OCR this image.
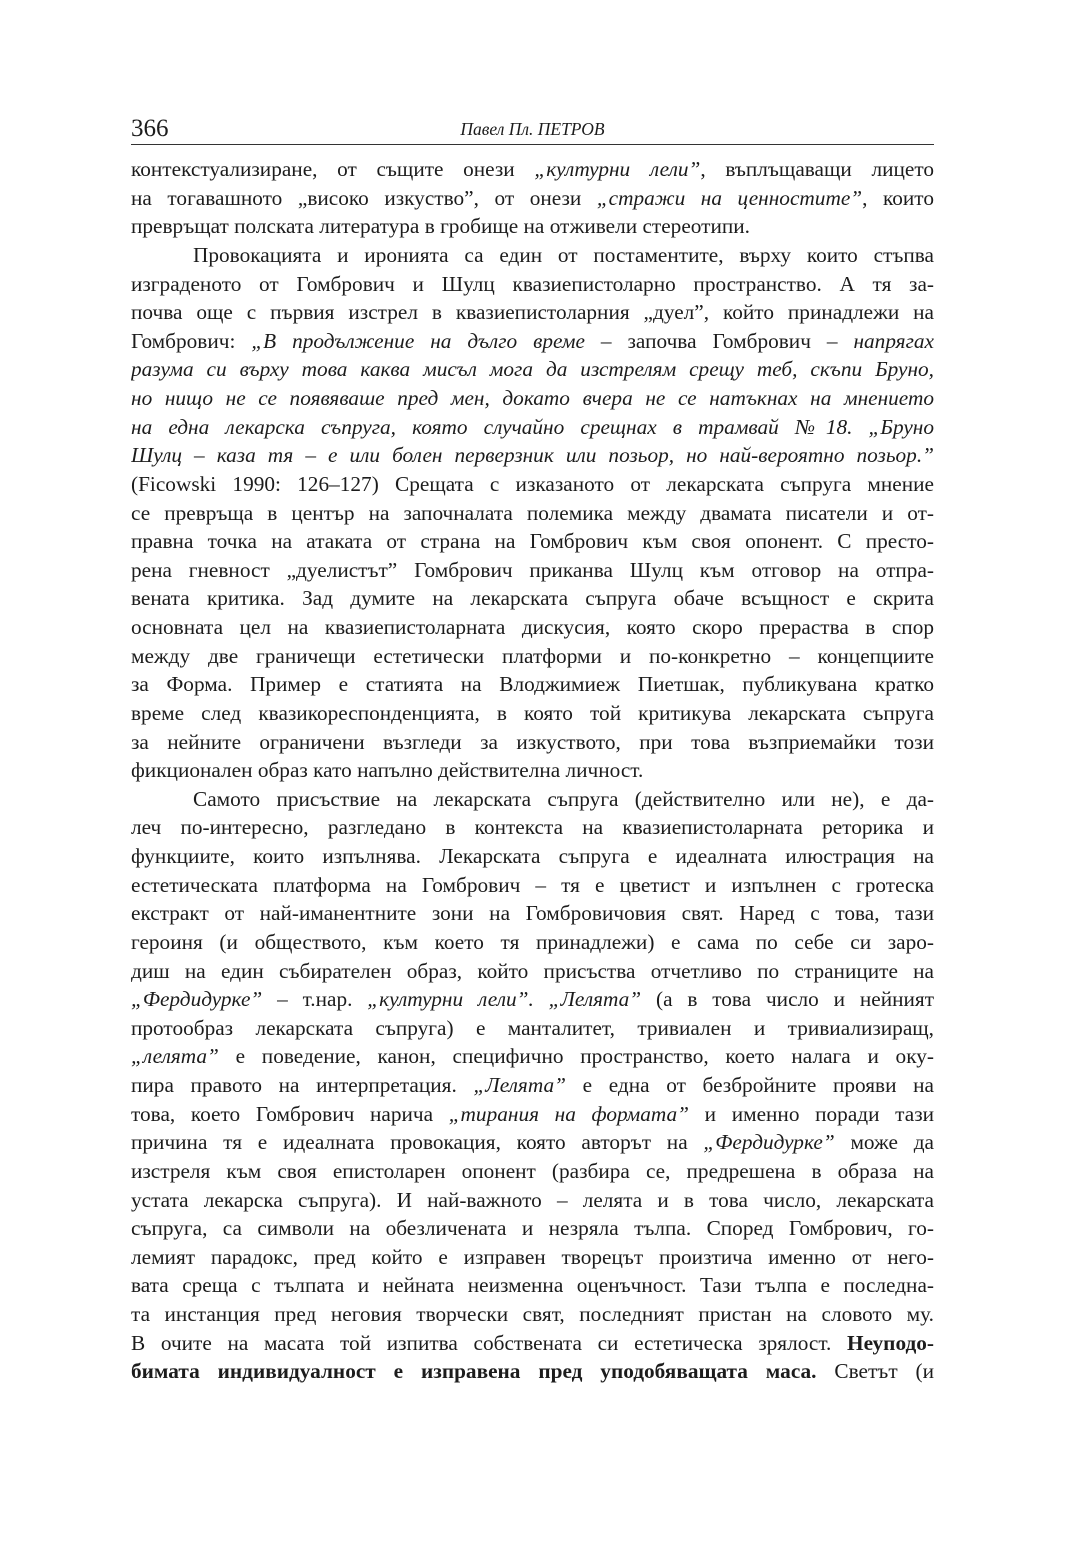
366	Павел Пл. ПЕТРОВ
контекстуализиране, от същите онези „културни лели”, въплъщаващи лицето
на тогавашното „високо изкуство”, от онези „стражи на ценностите”, които
превръщат полската литература в гробище на отживели стереотипи.
Провокацията и иронията са един от постаментите, върху които стъпва
изграденото от Гомбрович и Шулц квазиепистоларно пространство. А тя за-
почва още с първия изстрел в квазиепистоларния „дуел”, който принадлежи на
Гомбрович: „В продължение на дълго време – започва Гомбрович – напрягах
разума си върху това каква мисъл мога да изстрелям срещу теб, скъпи Бруно,
но нищо не се появяваше пред мен, докато вчера не се натъкнах на мнението
на една лекарска съпруга, която случайно срещнах в трамвай №18. „Бруно
Шулц – каза тя – е или болен перверзник или позьор, но най-вероятно позьор.”
(Ficowski 1990: 126–127) Срещата с изказаното от лекарската съпруга мнение
се превръща в център на започналата полемика между двамата писатели и от-
правна точка на атаката от страна на Гомбрович към своя опонент. С престо-
рена гневност „дуелистът” Гомбрович приканва Шулц към отговор на отпра-
вената критика. Зад думите на лекарската съпруга обаче всъщност е скрита
основната цел на квазиепистоларната дискусия, която скоро прераства в спор
между две граничещи естетически платформи и по-конкретно – концепциите
за Форма. Пример е статията на Влоджимиеж Пиетшак, публикувана кратко
време след квазикореспонденцията, в която той критикува лекарската съпруга
за нейните ограничени възгледи за изкуството, при това възприемайки този
фикционален образ като напълно действителна личност.
Самото присъствие на лекарската съпруга (действително или не), е да-
леч по-интересно, разгледано в контекста на квазиепистоларната реторика и
функциите, които изпълнява. Лекарската съпруга е идеалната илюстрация на
естетическата платформа на Гомбрович – тя е цветист и изпълнен с гротеска
екстракт от най-иманентните зони на Гомбровичовия свят. Наред с това, тази
героиня (и обществото, към което тя принадлежи) е сама по себе си заро-
диш на един събирателен образ, който присъства отчетливо по страниците на
„Фердидурке” – т.нар. „културни лели”. „Лелята” (а в това число и нейният
протообраз лекарската съпруга) е манталитет, тривиален и тривиализиращ,
„лелята” е поведение, канон, специфично пространство, което налага и оку-
пира правото на интерпретация. „Лелята” е една от безбройните прояви на
това, което Гомбрович нарича „тирания на формата” и именно поради тази
причина тя е идеалната провокация, която авторът на „Фердидурке” може да
изстреля към своя епистоларен опонент (разбира се, предрешена в образа на
устата лекарска съпруга). И най-важното – лелята и в това число, лекарската
съпруга, са символи на обезличената и незряла тълпа. Според Гомбрович, го-
лемият парадокс, пред който е изправен творецът произтича именно от него-
вата среща с тълпата и нейната неизменна оценъчност. Тази тълпа е последна-
та инстанция пред неговия творчески свят, последният пристан на словото му.
В очите на масата той изпитва собствената си естетическа зрялост. Неуподо-
бимата индивидуалност е изправена пред уподобяващата маса. Светът (и
